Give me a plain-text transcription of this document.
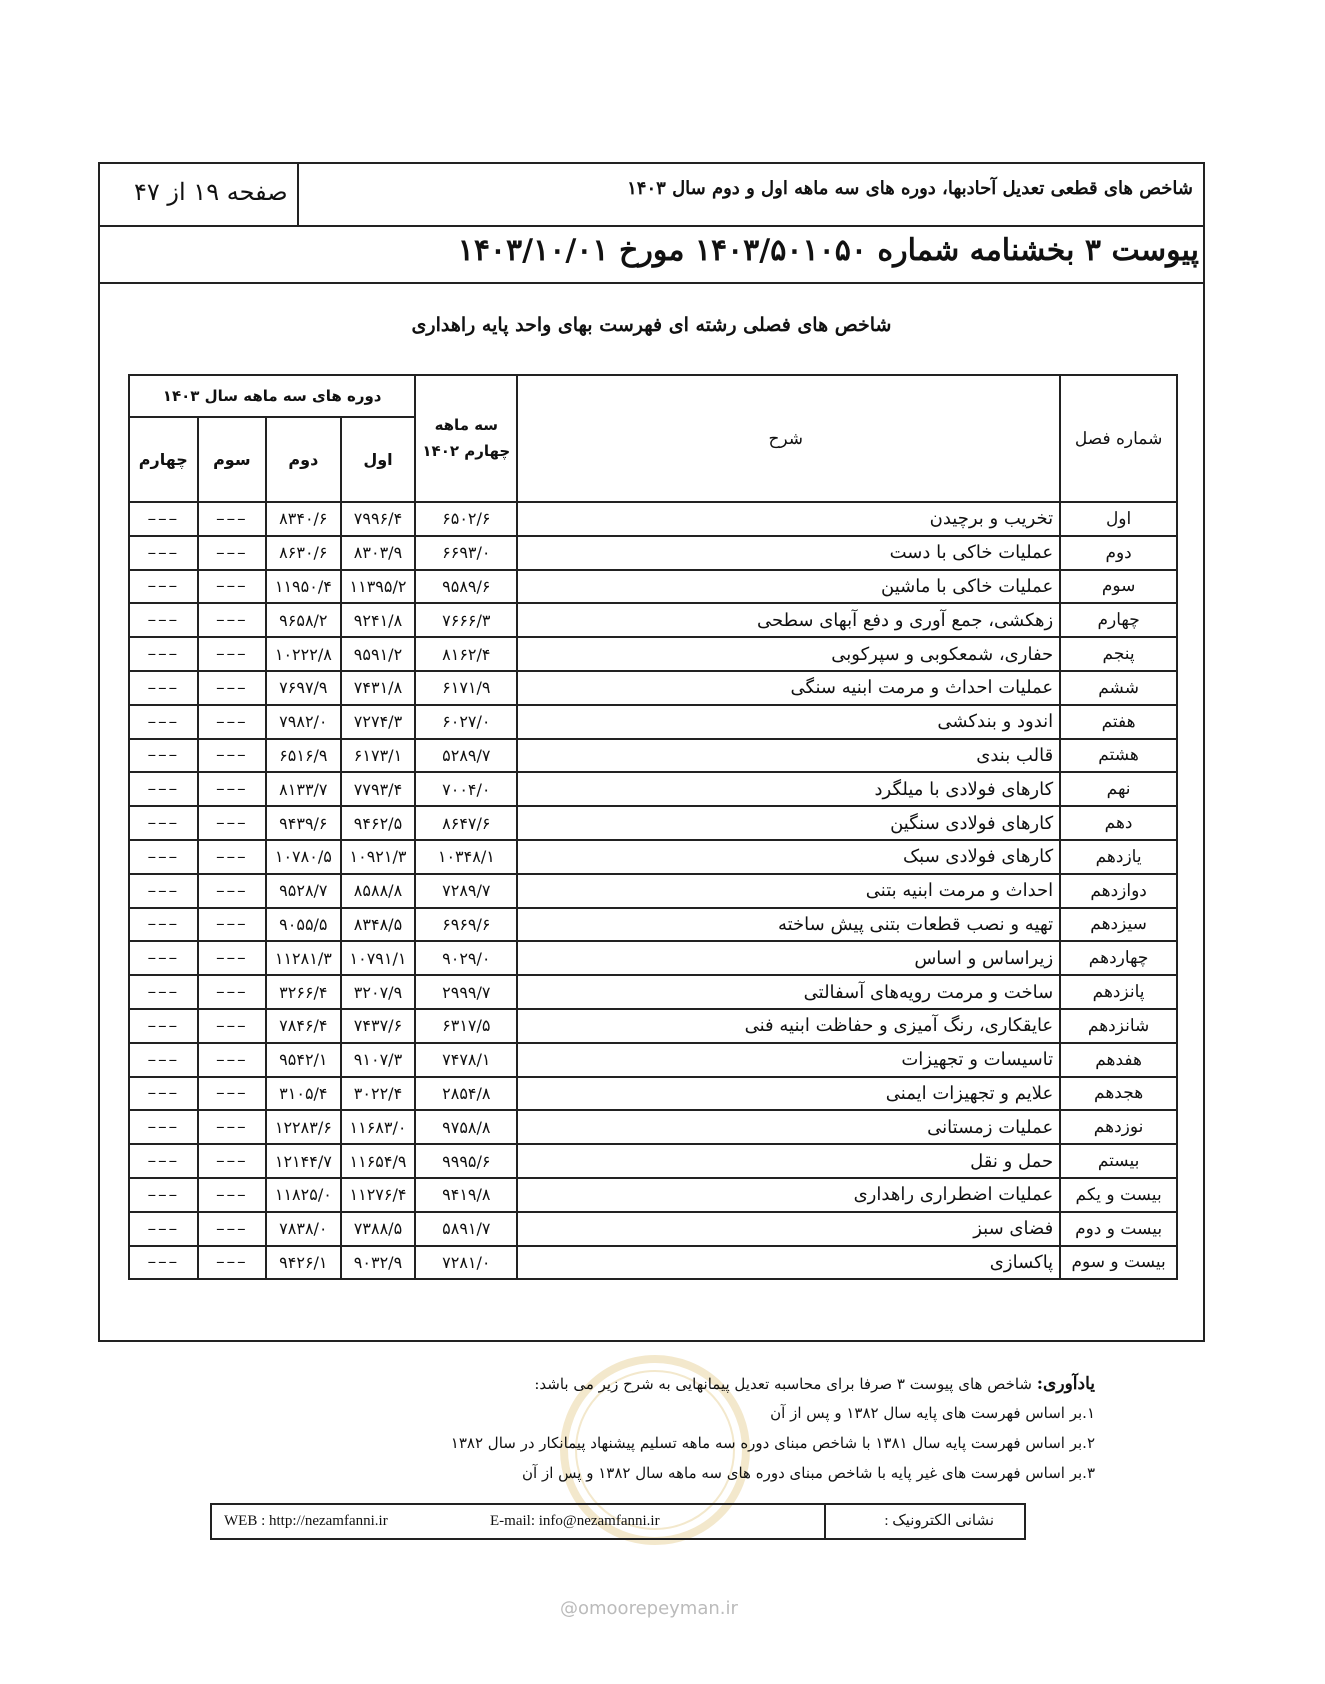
شاخص های قطعی تعدیل آحادبها، دوره های سه ماهه اول و دوم سال ۱۴۰۳
صفحه ۱۹ از ۴۷
پیوست ۳ بخشنامه شماره ۱۴۰۳/۵۰۱۰۵۰ مورخ ۱۴۰۳/۱۰/۰۱
شاخص های فصلی رشته ای فهرست بهای واحد پایه راهداری
شماره فصل	شرح	سه ماهه چهارم ۱۴۰۲	دوره های سه ماهه سال ۱۴۰۳			
			اول	دوم	سوم	چهارم
اول	تخریب و برچیدن	۶۵۰۲/۶	۷۹۹۶/۴	۸۳۴۰/۶	–––	–––
دوم	عملیات خاکی با دست	۶۶۹۳/۰	۸۳۰۳/۹	۸۶۳۰/۶	–––	–––
سوم	عملیات خاکی با ماشین	۹۵۸۹/۶	۱۱۳۹۵/۲	۱۱۹۵۰/۴	–––	–––
چهارم	زهکشی، جمع آوری و دفع آبهای سطحی	۷۶۶۶/۳	۹۲۴۱/۸	۹۶۵۸/۲	–––	–––
پنجم	حفاری، شمعکوبی و سپرکوبی	۸۱۶۲/۴	۹۵۹۱/۲	۱۰۲۲۲/۸	–––	–––
ششم	عملیات احداث و مرمت ابنیه سنگی	۶۱۷۱/۹	۷۴۳۱/۸	۷۶۹۷/۹	–––	–––
هفتم	اندود و بندکشی	۶۰۲۷/۰	۷۲۷۴/۳	۷۹۸۲/۰	–––	–––
هشتم	قالب بندی	۵۲۸۹/۷	۶۱۷۳/۱	۶۵۱۶/۹	–––	–––
نهم	کارهای فولادی با میلگرد	۷۰۰۴/۰	۷۷۹۳/۴	۸۱۳۳/۷	–––	–––
دهم	کارهای فولادی سنگین	۸۶۴۷/۶	۹۴۶۲/۵	۹۴۳۹/۶	–––	–––
یازدهم	کارهای فولادی سبک	۱۰۳۴۸/۱	۱۰۹۲۱/۳	۱۰۷۸۰/۵	–––	–––
دوازدهم	احداث و مرمت ابنیه بتنی	۷۲۸۹/۷	۸۵۸۸/۸	۹۵۲۸/۷	–––	–––
سیزدهم	تهیه و نصب قطعات بتنی پیش ساخته	۶۹۶۹/۶	۸۳۴۸/۵	۹۰۵۵/۵	–––	–––
چهاردهم	زیراساس و اساس	۹۰۲۹/۰	۱۰۷۹۱/۱	۱۱۲۸۱/۳	–––	–––
پانزدهم	ساخت و مرمت رویه‌های آسفالتی	۲۹۹۹/۷	۳۲۰۷/۹	۳۲۶۶/۴	–––	–––
شانزدهم	عایقکاری، رنگ آمیزی و حفاظت ابنیه فنی	۶۳۱۷/۵	۷۴۳۷/۶	۷۸۴۶/۴	–––	–––
هفدهم	تاسیسات و تجهیزات	۷۴۷۸/۱	۹۱۰۷/۳	۹۵۴۲/۱	–––	–––
هجدهم	علایم و تجهیزات ایمنی	۲۸۵۴/۸	۳۰۲۲/۴	۳۱۰۵/۴	–––	–––
نوزدهم	عملیات زمستانی	۹۷۵۸/۸	۱۱۶۸۳/۰	۱۲۲۸۳/۶	–––	–––
بیستم	حمل و نقل	۹۹۹۵/۶	۱۱۶۵۴/۹	۱۲۱۴۴/۷	–––	–––
بیست و یکم	عملیات اضطراری راهداری	۹۴۱۹/۸	۱۱۲۷۶/۴	۱۱۸۲۵/۰	–––	–––
بیست و دوم	فضای سبز	۵۸۹۱/۷	۷۳۸۸/۵	۷۸۳۸/۰	–––	–––
بیست و سوم	پاکسازی	۷۲۸۱/۰	۹۰۳۲/۹	۹۴۲۶/۱	–––	–––
یادآوری: شاخص های پیوست ۳ صرفا برای محاسبه تعدیل پیمانهایی به شرح زیر می باشد:
۱.بر اساس فهرست های پایه سال ۱۳۸۲ و پس از آن
۲.بر اساس فهرست پایه سال ۱۳۸۱ با شاخص مبنای دوره سه ماهه تسلیم پیشنهاد پیمانکار در سال ۱۳۸۲
۳.بر اساس فهرست های غیر پایه با شاخص مبنای دوره های سه ماهه سال ۱۳۸۲ و پس از آن
نشانی الکترونیک :
WEB : http://nezamfanni.ir	E-mail: info@nezamfanni.ir
@omoorepeyman.ir
